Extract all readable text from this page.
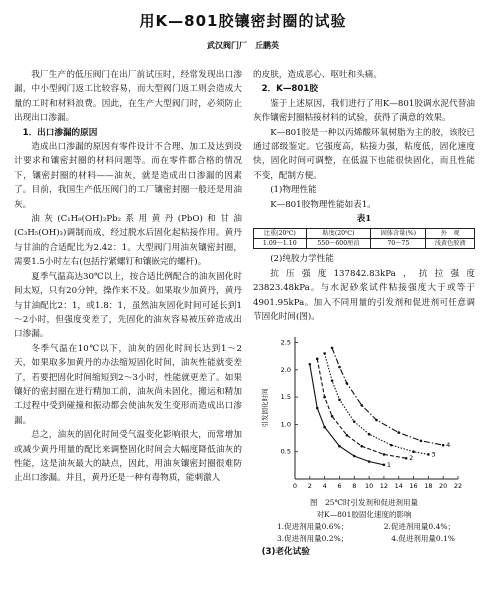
用K—801胶镶密封圈的试验
武汉阀门厂　丘鹏英

我厂生产的低压阀门在出厂前试压时，经常发现出口渗漏，中小型阀门返工比较容易，而大型阀门返工则会造成大量的工时和材料浪费。因此，在生产大型阀门时，必须防止出现出口渗漏。

1．出口渗漏的原因

造成出口渗漏的原因有零件设计不合理、加工及达到设计要求和镶密封圈的材料问题等。而在零件都合格的情况下，镶密封圈的材料——油灰，就是造成出口渗漏的因素了。目前，我国生产低压阀门的工厂镶密封圈一般还是用油灰。

油灰(C₁H₉(OH)₂Pb₂系用黄丹(PbO)和甘油(C₃H₅(OH)₃)调制而成，经过脱水后固化起粘接作用。黄丹与甘油的合适配比为2.42：1。大型阀门用油灰镶密封圈，需要1.5小时左右(包括拧紧螺钉和镶嵌完的螺杆)。

夏季气温高达30℃以上，按合适比例配合的油灰固化时间太短，只有20分钟，操作来不及。如果取少加黄丹，黄丹与甘油配比2：1，或1.8：1，虽然油灰固化时间可延长到1～2小时，但强度变差了，先固化的油灰容易被压碎造成出口渗漏。

冬季气温在10℃以下，油灰的固化时间长达到1～2天，如果取多加黄丹的办法缩短固化时间，油灰性能就变差了，若要把固化时间缩短到2～3小时，性能就更差了。如果镶好的密封圈在进行精加工前，油灰尚未固化，搬运和精加工过程中受到碰撞和振动都会使油灰发生变形而造成出口渗漏。

总之，油灰的固化时间受气温变化影响很大，而常增加或减少黄丹用量的配比来调整固化时间会大幅度降低油灰的性能，这是油灰最大的缺点，因此，用油灰镶密封圈很难防止出口渗漏。并且，黄丹还是一种有毒物质，能刺激人

的皮肤，造成恶心、呕吐和头痛。

2．K—801胶

鉴于上述原因，我们进行了用K—801胶调水泥代替油灰作镶密封圈粘接材料的试验，获得了满意的效果。

K—801胶是一种以丙烯酸环氧树脂为主的胶，该胶已通过部级鉴定。它强度高，粘接力强，粘度低，固化速度快，固化时间可调整，在低温下也能很快固化，而且性能不变，配制方便。

(1)物理性能

K—801胶物理性能如表1。

表1

比重(20℃)	粘度(20℃)	固体含量(%)	外　观
1.09～1.10	550～600厘泊	70～75	浅黄色胶液

(2)纯胶力学性能

抗压强度137842.83kPa，抗拉强度23823.48kPa。与水泥砂浆试件粘接强度大于或等于4901.95kPa。加入不同用量的引发剂和促进剂可任意调节固化时间(图)。

0 2 4 6 8 10 12 14 16 18 20 22
0.5
1.0
1.5
2.0
2.5
引发固化时间
1
2	3
4
图　25℃时引发剂和促进剂用量
对K—801胶固化速度的影响
1.促进剂用量0.6%；	2.促进剂用量0.4%；
3.促进剂用量0.2%；	4.促进剂用量0.1%

(3)老化试验
